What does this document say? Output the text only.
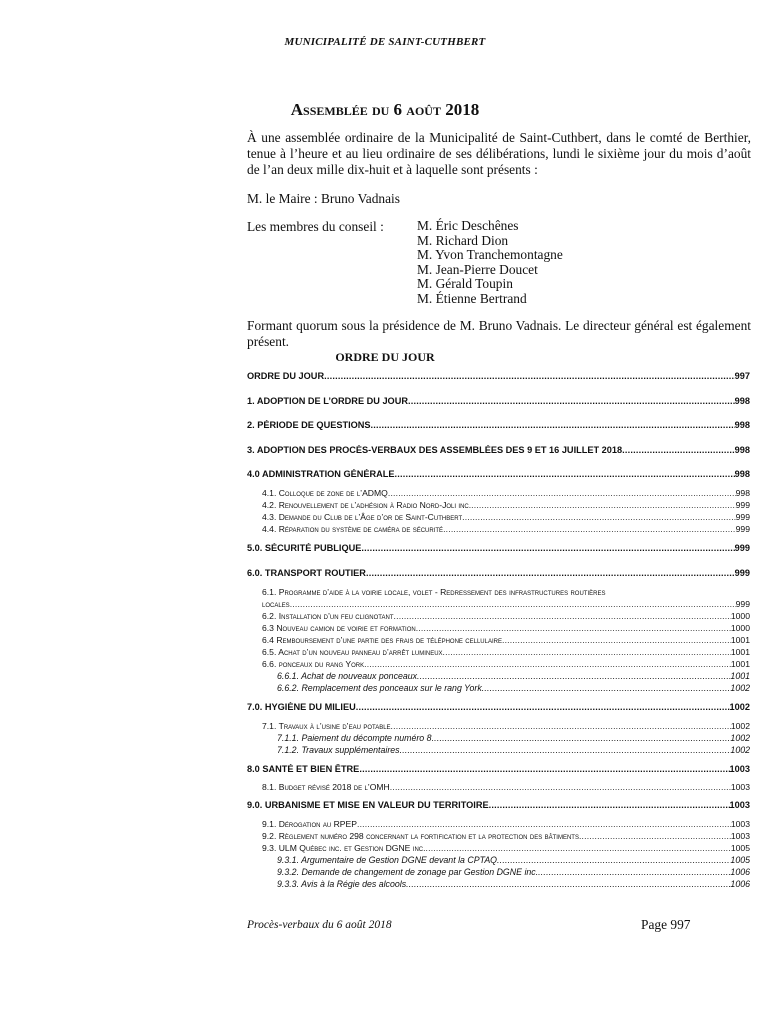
MUNICIPALITÉ DE SAINT-CUTHBERT
Assemblée du 6 août 2018
À une assemblée ordinaire de la Municipalité de Saint-Cuthbert, dans le comté de Berthier, tenue à l’heure et au lieu ordinaire de ses délibérations, lundi le sixième jour du mois d’août de l’an deux mille dix-huit et à laquelle sont présents :
M. le Maire : Bruno Vadnais
Les membres du conseil : M. Éric Deschênes
M. Richard Dion
M. Yvon Tranchemontagne
M. Jean-Pierre Doucet
M. Gérald Toupin
M. Étienne Bertrand
Formant quorum sous la présidence de M. Bruno Vadnais. Le directeur général est également présent.
ORDRE DU JOUR
ORDRE DU JOUR .....	997
1. ADOPTION DE L’ORDRE DU JOUR .....	998
2. PÉRIODE DE QUESTIONS .....	998
3. ADOPTION DES PROCÈS-VERBAUX DES ASSEMBLÉES DES 9 ET 16 JUILLET 2018 .....	998
4.0 ADMINISTRATION GÉNÉRALE .....	998
4.1. Colloque de zone de l’ADMQ .....	998
4.2. Renouvellement de l’adhésion à Radio Nord-Joli inc. .....	999
4.3. Demande du Club de l’Âge d’or de Saint-Cuthbert .....	999
4.4. Réparation du système de caméra de sécurité .....	999
5.0. SÉCURITÉ PUBLIQUE .....	999
6.0. TRANSPORT ROUTIER .....	999
6.1. Programme d’aide à la voirie locale, volet - Redressement des infrastructures routières
locales .....	999
6.2. Installation d’un feu clignotant .....	1000
6.3 Nouveau camion de voirie et formation .....	1000
6.4 Remboursement d’une partie des frais de téléphone cellulaire .....	1001
6.5. Achat d’un nouveau panneau d’arrêt lumineux .....	1001
6.6. ponceaux du rang York .....	1001
6.6.1. Achat de nouveaux ponceaux .....	1001
6.6.2. Remplacement des ponceaux sur le rang York .....	1002
7.0. HYGIÈNE DU MILIEU .....	1002
7.1. Travaux à l’usine d’eau potable .....	1002
7.1.1. Paiement du décompte numéro 8 .....	1002
7.1.2. Travaux supplémentaires .....	1002
8.0 SANTÉ ET BIEN ÊTRE .....	1003
8.1. Budget révisé 2018 de l’OMH .....	1003
9.0. URBANISME ET MISE EN VALEUR DU TERRITOIRE .....	1003
9.1. Dérogation au RPEP .....	1003
9.2. Règlement numéro 298 concernant la fortification et la protection des bâtiments .....	1003
9.3. ULM Québec inc. et Gestion DGNE inc. .....	1005
9.3.1. Argumentaire de Gestion DGNE devant la CPTAQ .....	1005
9.3.2. Demande de changement de zonage par Gestion DGNE inc. .....	1006
9.3.3. Avis à la Régie des alcools .....	1006
Procès-verbaux du 6 août 2018	Page 997
